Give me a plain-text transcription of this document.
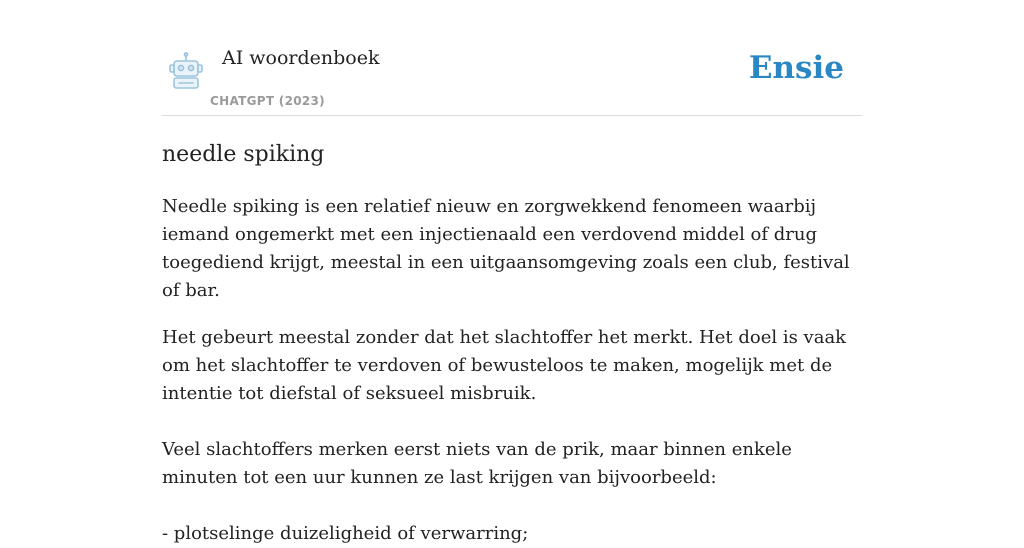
AI woordenboek
CHATGPT (2023)
Ensie
needle spiking

Needle spiking is een relatief nieuw en zorgwekkend fenomeen waarbij iemand ongemerkt met een injectienaald een verdovend middel of drug toegediend krijgt, meestal in een uitgaansomgeving zoals een club, festival of bar.

Het gebeurt meestal zonder dat het slachtoffer het merkt. Het doel is vaak om het slachtoffer te verdoven of bewusteloos te maken, mogelijk met de intentie tot diefstal of seksueel misbruik.

Veel slachtoffers merken eerst niets van de prik, maar binnen enkele minuten tot een uur kunnen ze last krijgen van bijvoorbeeld:

- plotselinge duizeligheid of verwarring;
